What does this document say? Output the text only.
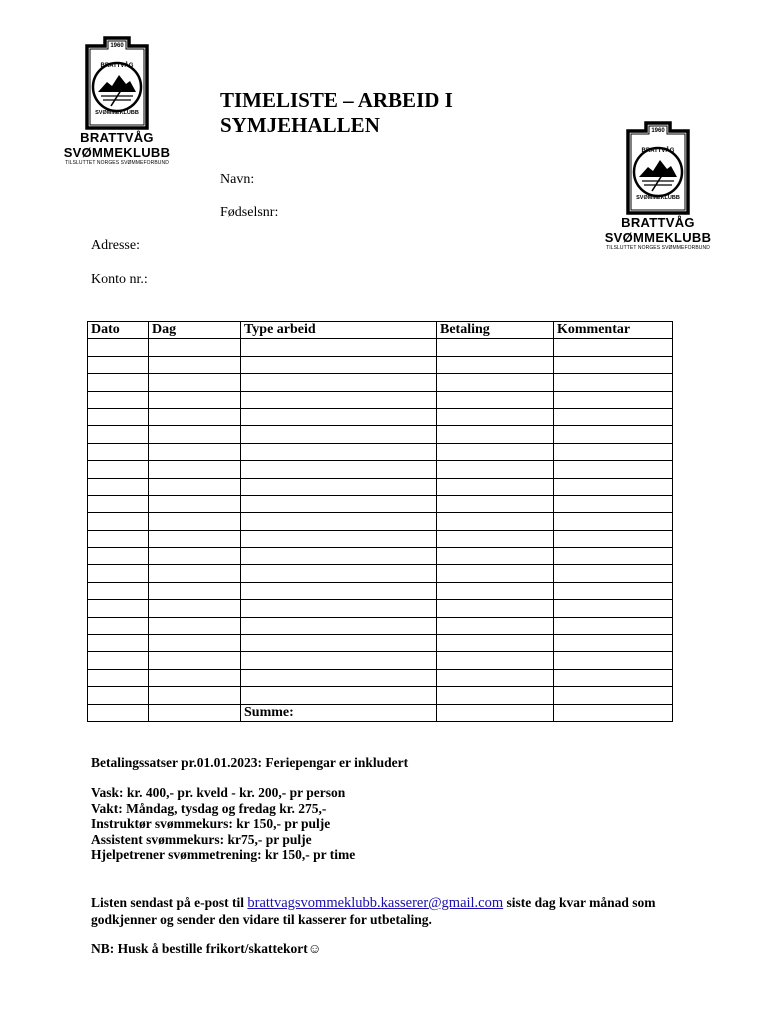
1960
BRATTVÅG
SVØMMEKLUBB
BRATTVÅG
SVØMMEKLUBB
TILSLUTTET NORGES SVØMMEFORBUND
1960
BRATTVÅG
SVØMMEKLUBB
BRATTVÅG
SVØMMEKLUBB
TILSLUTTET NORGES SVØMMEFORBUND
TIMELISTE – ARBEID I SYMJEHALLEN
Navn:
Fødselsnr:
Adresse:
Konto nr.:
Dato	Dag	Type arbeid	Betaling	Kommentar

		Summe:		
Betalingssatser pr.01.01.2023: Feriepengar er inkludert
Vask: kr. 400,- pr. kveld - kr. 200,- pr person
Vakt: Måndag, tysdag og fredag kr. 275,-
Instruktør svømmekurs: kr 150,- pr pulje
Assistent svømmekurs: kr75,- pr pulje
Hjelpetrener svømmetrening: kr 150,- pr time
Listen sendast på e-post til brattvagsvommeklubb.kasserer@gmail.com siste dag kvar månad som godkjenner og sender den vidare til kasserer for utbetaling.
NB: Husk å bestille frikort/skattekort☺
